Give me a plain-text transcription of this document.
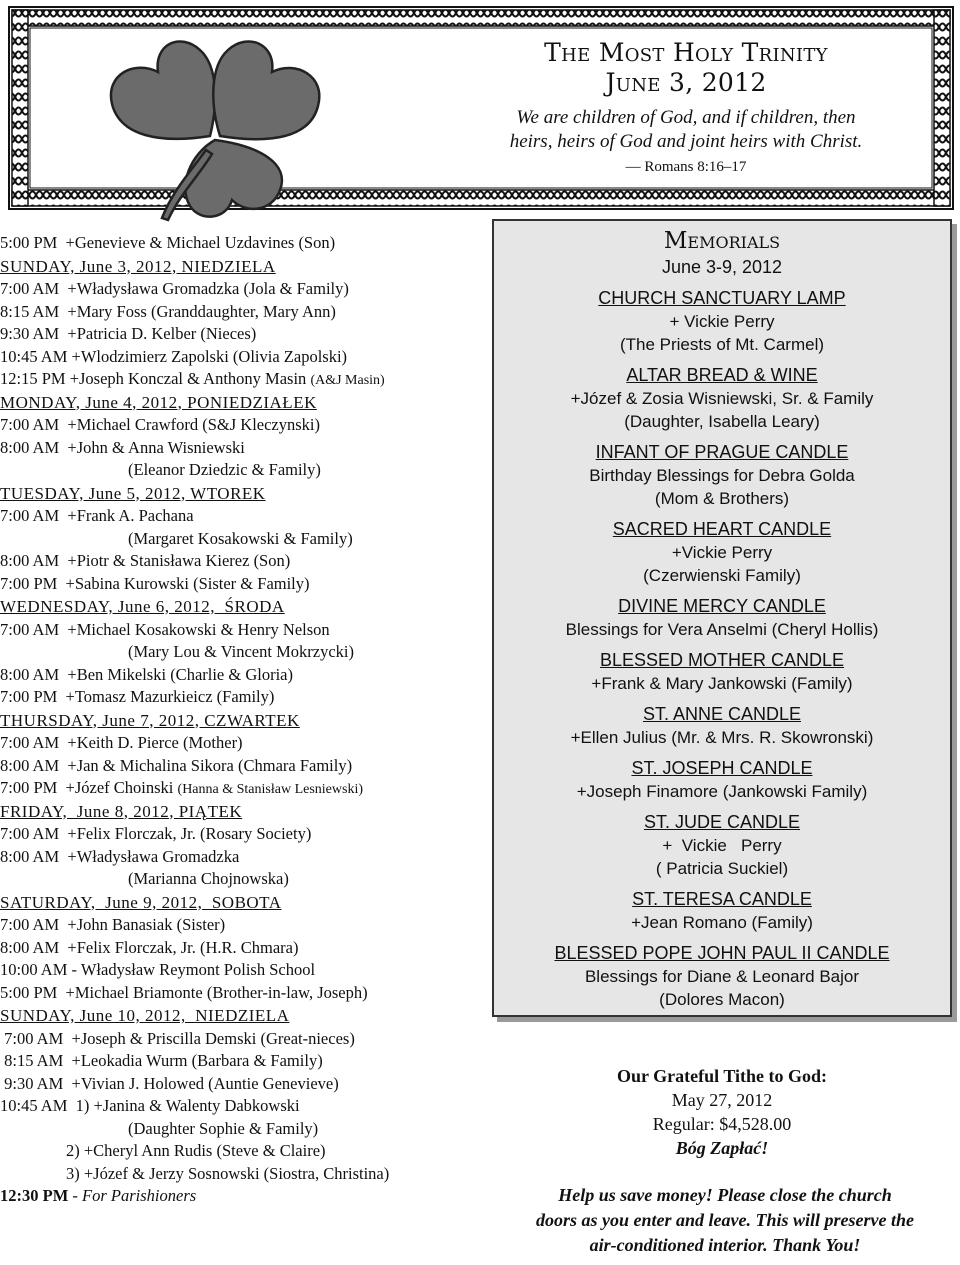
The Most Holy Trinity
June 3, 2012
We are children of God, and if children, then
heirs, heirs of God and joint heirs with Christ.
— Romans 8:16–17
5:00 PM  +Genevieve & Michael Uzdavines (Son)
SUNDAY, June 3, 2012, NIEDZIELA
7:00 AM  +Władysława Gromadzka (Jola & Family)
8:15 AM  +Mary Foss (Granddaughter, Mary Ann)
9:30 AM  +Patricia D. Kelber (Nieces)
10:45 AM +Wlodzimierz Zapolski (Olivia Zapolski)
12:15 PM +Joseph Konczal & Anthony Masin (A&J Masin)
MONDAY, June 4, 2012, PONIEDZIAŁEK
7:00 AM  +Michael Crawford (S&J Kleczynski)
8:00 AM  +John & Anna Wisniewski
(Eleanor Dziedzic & Family)
TUESDAY, June 5, 2012, WTOREK
7:00 AM  +Frank A. Pachana
(Margaret Kosakowski & Family)
8:00 AM  +Piotr & Stanisława Kierez (Son)
7:00 PM  +Sabina Kurowski (Sister & Family)
WEDNESDAY, June 6, 2012,  ŚRODA
7:00 AM  +Michael Kosakowski & Henry Nelson
(Mary Lou & Vincent Mokrzycki)
8:00 AM  +Ben Mikelski (Charlie & Gloria)
7:00 PM  +Tomasz Mazurkieicz (Family)
THURSDAY, June 7, 2012, CZWARTEK
7:00 AM  +Keith D. Pierce (Mother)
8:00 AM  +Jan & Michalina Sikora (Chmara Family)
7:00 PM  +Józef Choinski (Hanna & Stanisław Lesniewski)
FRIDAY,  June 8, 2012, PIĄTEK
7:00 AM  +Felix Florczak, Jr. (Rosary Society)
8:00 AM  +Władysława Gromadzka
(Marianna Chojnowska)
SATURDAY,  June 9, 2012,  SOBOTA
7:00 AM  +John Banasiak (Sister)
8:00 AM  +Felix Florczak, Jr. (H.R. Chmara)
10:00 AM - Władysław Reymont Polish School
5:00 PM  +Michael Briamonte (Brother-in-law, Joseph)
SUNDAY, June 10, 2012,  NIEDZIELA
7:00 AM  +Joseph & Priscilla Demski (Great-nieces)
8:15 AM  +Leokadia Wurm (Barbara & Family)
9:30 AM  +Vivian J. Holowed (Auntie Genevieve)
10:45 AM  1) +Janina & Walenty Dabkowski
(Daughter Sophie & Family)
2) +Cheryl Ann Rudis (Steve & Claire)
3) +Józef & Jerzy Sosnowski (Siostra, Christina)
12:30 PM - For Parishioners
Memorials
June 3-9, 2012
CHURCH SANCTUARY LAMP
+ Vickie Perry
(The Priests of Mt. Carmel)
ALTAR BREAD & WINE
+Józef & Zosia Wisniewski, Sr. & Family
(Daughter, Isabella Leary)
INFANT OF PRAGUE CANDLE
Birthday Blessings for Debra Golda
(Mom & Brothers)
SACRED HEART CANDLE
+Vickie Perry
(Czerwienski Family)
DIVINE MERCY CANDLE
Blessings for Vera Anselmi (Cheryl Hollis)
BLESSED MOTHER CANDLE
+Frank & Mary Jankowski (Family)
ST. ANNE CANDLE
+Ellen Julius (Mr. & Mrs. R. Skowronski)
ST. JOSEPH CANDLE
+Joseph Finamore (Jankowski Family)
ST. JUDE CANDLE
+  Vickie   Perry
( Patricia Suckiel)
ST. TERESA CANDLE
+Jean Romano (Family)
BLESSED POPE JOHN PAUL II CANDLE
Blessings for Diane & Leonard Bajor
(Dolores Macon)
Our Grateful Tithe to God:
May 27, 2012
Regular: $4,528.00
Bóg Zapłać!
Help us save money! Please close the church
doors as you enter and leave. This will preserve the
air-conditioned interior. Thank You!
